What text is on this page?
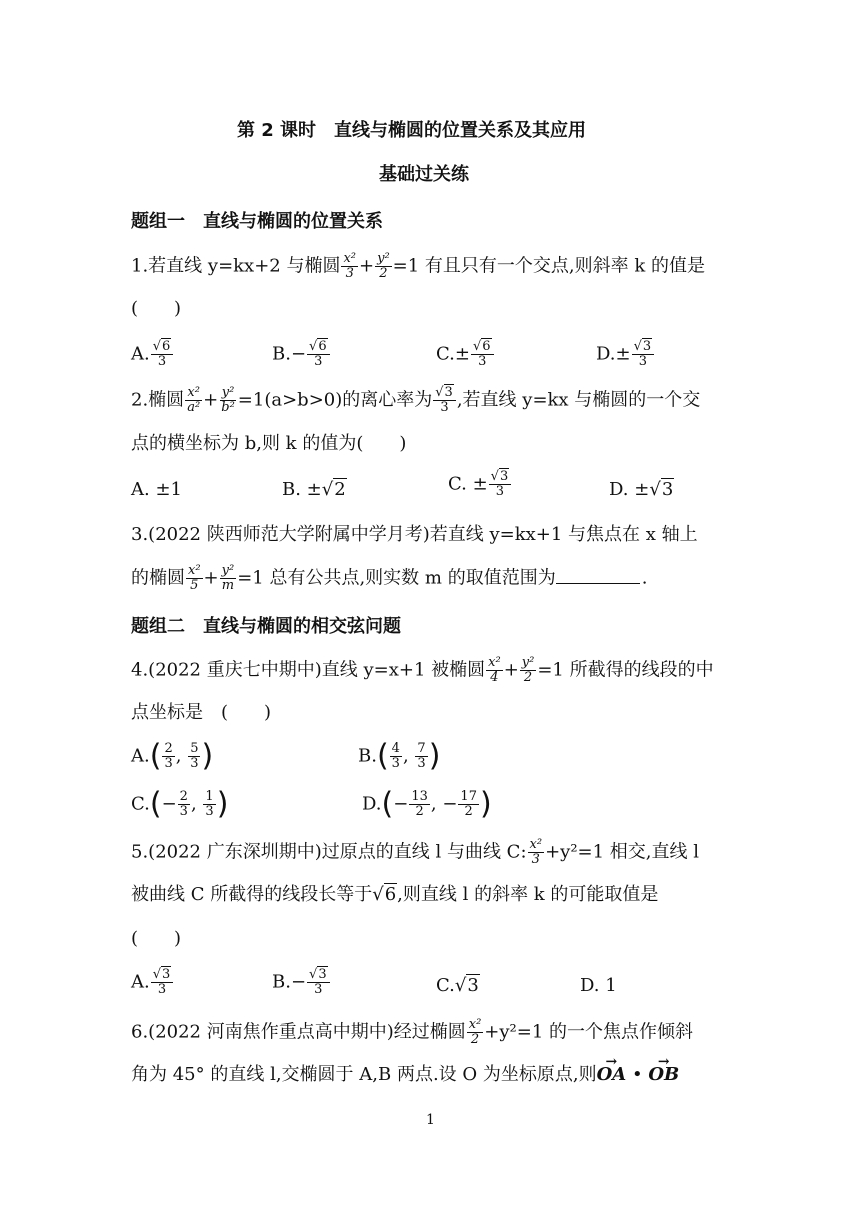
第 2 课时　直线与椭圆的位置关系及其应用
基础过关练
题组一　直线与椭圆的位置关系
1.若直线 y=kx+2 与椭圆 $\frac{\text{x²}}{3} + \frac{\text{y²}}{2} =1$ 有且只有一个交点,则斜率 k 的值是
(　　)
A. $\frac{√6}{3}$	$B.- \frac{√6}{3}$	$C.\pm \frac{√6}{3}$	$D.\pm \frac{√3}{3}$
2.椭圆 $\frac{\text{x²}}{\text{a²}} + \frac{\text{y²}}{\text{b²}} =1(a>b>0)$的离心率为 $\frac{√3}{3}$ ,若直线 y=kx 与椭圆的一个交
点的横坐标为 b,则 k 的值为(　　)
A. ±1	B. ±√2	C. ± $\frac{√3}{3}$	D. ±√3
3.(2022 陕西师范大学附属中学月考)若直线 y=kx+1 与焦点在 x 轴上
的椭圆 $\frac{\text{x²}}{5} + \frac{\text{y²}}{m} =1$ 总有公共点,则实数 m 的取值范围为	.
题组二　直线与椭圆的相交弦问题
4.(2022 重庆七中期中)直线 y=x+1 被椭圆 $\frac{\text{x²}}{4} + \frac{\text{y²}}{2} =1$ 所截得的线段的中
点坐标是　(　　)
$A.( \frac{2}{3}$ , $\frac{5}{3}$ )	$B.( \frac{4}{3}$ , $\frac{7}{3}$ )
$C.(- \frac{2}{3}$ , $\frac{1}{3}$ )	$D.(- \frac{13}{2}$ , − $\frac{17}{2}$ )
5.(2022 广东深圳期中)过原点的直线 l 与曲线 C: $\frac{\text{x²}}{3} +y^2=1$ 相交,直线 l
被曲线 C 所截得的线段长等于√6,则直线 l 的斜率 k 的可能取值是
(　　)
A. $\frac{√3}{3}$	$B.- \frac{√3}{3}$	C.√3	D. 1
6.(2022 河南焦作重点高中期中)经过椭圆 $\frac{\text{x²}}{2} +y^2=1$ 的一个焦点作倾斜
角为 45° 的直线 l,交椭圆于 A,B 两点.设 O 为坐标原点,则→ OA • → OB
1
